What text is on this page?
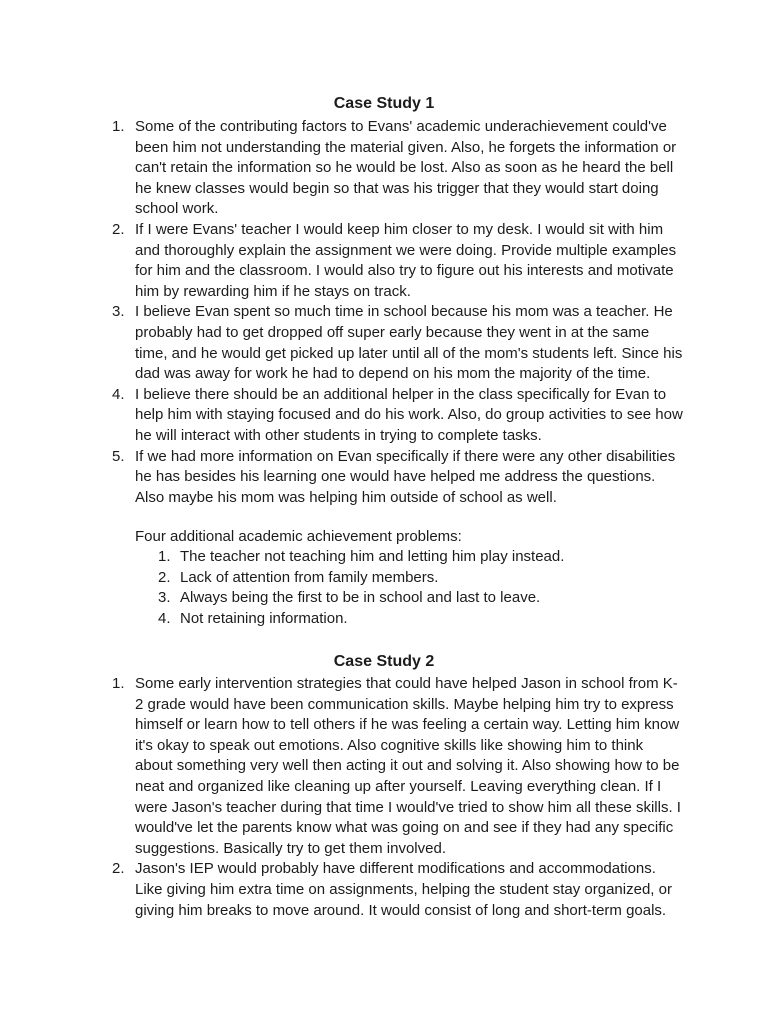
Case Study 1
1. Some of the contributing factors to Evans' academic underachievement could've been him not understanding the material given. Also, he forgets the information or can't retain the information so he would be lost. Also as soon as he heard the bell he knew classes would begin so that was his trigger that they would start doing school work.
2. If I were Evans' teacher I would keep him closer to my desk. I would sit with him and thoroughly explain the assignment we were doing. Provide multiple examples for him and the classroom. I would also try to figure out his interests and motivate him by rewarding him if he stays on track.
3. I believe Evan spent so much time in school because his mom was a teacher. He probably had to get dropped off super early because they went in at the same time, and he would get picked up later until all of the mom's students left. Since his dad was away for work he had to depend on his mom the majority of the time.
4. I believe there should be an additional helper in the class specifically for Evan to help him with staying focused and do his work. Also, do group activities to see how he will interact with other students in trying to complete tasks.
5. If we had more information on Evan specifically if there were any other disabilities he has besides his learning one would have helped me address the questions. Also maybe his mom was helping him outside of school as well.
Four additional academic achievement problems:
1. The teacher not teaching him and letting him play instead.
2. Lack of attention from family members.
3. Always being the first to be in school and last to leave.
4. Not retaining information.
Case Study 2
1. Some early intervention strategies that could have helped Jason in school from K-2 grade would have been communication skills. Maybe helping him try to express himself or learn how to tell others if he was feeling a certain way. Letting him know it's okay to speak out emotions. Also cognitive skills like showing him to think about something very well then acting it out and solving it. Also showing how to be neat and organized like cleaning up after yourself. Leaving everything clean. If I were Jason's teacher during that time I would've tried to show him all these skills. I would've let the parents know what was going on and see if they had any specific suggestions. Basically try to get them involved.
2. Jason's IEP would probably have different modifications and accommodations. Like giving him extra time on assignments, helping the student stay organized, or giving him breaks to move around. It would consist of long and short-term goals.
